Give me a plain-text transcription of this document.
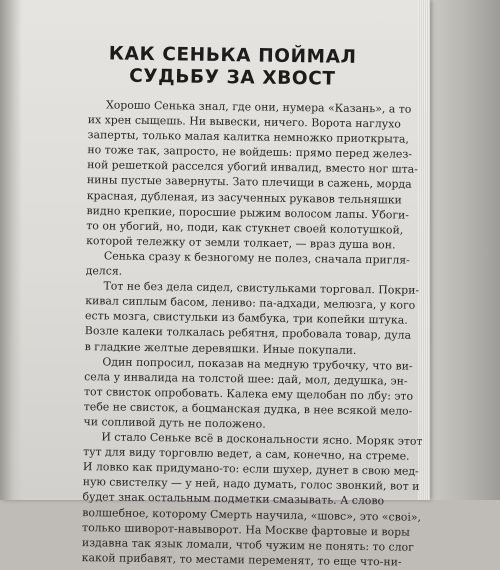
КАК СЕНЬКА ПОЙМАЛ
СУДЬБУ ЗА ХВОСТ
Хорошо Сенька знал, где они, нумера «Казань», а то
их хрен сыщешь. Ни вывески, ничего. Ворота наглухо
заперты, только малая калитка немножко приоткрыта,
но тоже так, запросто, не войдешь: прямо перед желез-
ной решеткой расселся убогий инвалид, вместо ног шта-
нины пустые завернуты. Зато плечищи в сажень, морда
красная, дубленая, из засученных рукавов тельняшки
видно крепкие, поросшие рыжим волосом лапы. Убоги-
то он убогий, но, поди, как стукнет своей колотушкой,
которой тележку от земли толкает, — враз душа вон.
Сенька сразу к безногому не полез, сначала пригля-
делся.
Тот не без дела сидел, свистульками торговал. Покри-
кивал сиплым басом, лениво: па-адхади, мелюзга, у кого
есть мозга, свистульки из бамбука, три копейки штука.
Возле калеки толкалась ребятня, пробовала товар, дула
в гладкие желтые деревяшки. Иные покупали.
Один попросил, показав на медную трубочку, что ви-
села у инвалида на толстой шее: дай, мол, дедушка, эн-
тот свисток опробовать. Калека ему щелобан по лбу: это
тебе не свисток, а боцманская дудка, в нее всякой мело-
чи сопливой дуть не положено.
И стало Сеньке всё в доскональности ясно. Моряк этот
тут для виду торговлю ведет, а сам, конечно, на стреме.
И ловко как придумано-то: если шухер, дунет в свою мед-
ную свистелку — у ней, надо думать, голос звонкий, вот и
будет знак остальным подметки смазывать. А слово
волшебное, которому Смерть научила, «шовс», это «своi»,
только шиворот-навыворот. На Москве фартовые и воры
издавна так язык ломали, чтоб чужим не понять: то слог
какой прибавят, то местами переменят, то еще что-ни-
